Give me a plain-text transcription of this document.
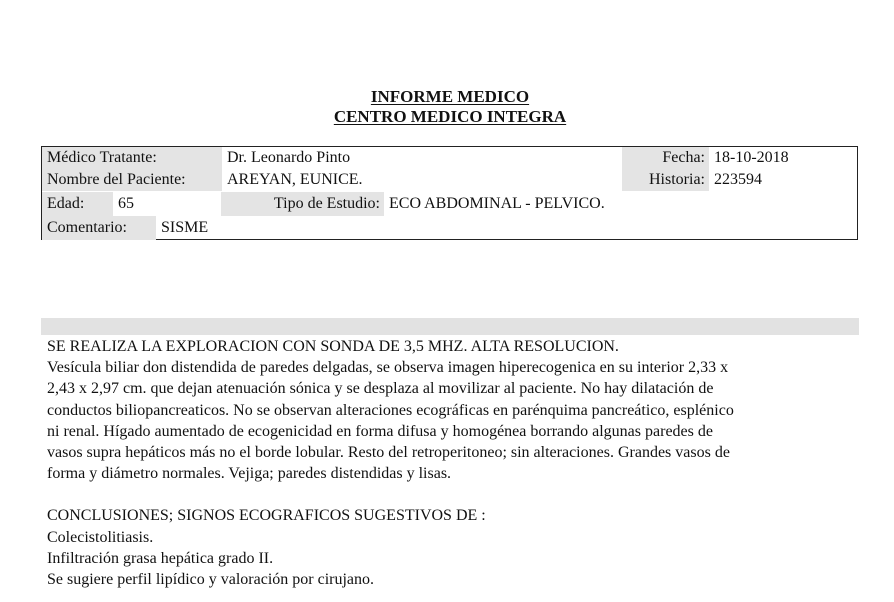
INFORME MEDICO
CENTRO MEDICO INTEGRA
Médico Tratante:	Dr. Leonardo Pinto	Fecha: 18-10-2018
Nombre del Paciente:	AREYAN, EUNICE.	Historia: 223594
Edad:	65	Tipo de Estudio: ECO ABDOMINAL - PELVICO.
Comentario:	SISME

SE REALIZA LA EXPLORACION CON SONDA DE 3,5 MHZ. ALTA RESOLUCION.

Vesícula biliar don distendida de paredes delgadas, se observa imagen hiperecogenica en su interior 2,33 x

2,43 x 2,97 cm. que dejan atenuación sónica y se desplaza al movilizar al paciente. No hay dilatación de

conductos biliopancreaticos. No se observan alteraciones ecográficas en parénquima pancreático, esplénico

ni renal. Hígado aumentado de ecogenicidad en forma difusa y homogénea borrando algunas paredes de

vasos supra hepáticos más no el borde lobular. Resto del retroperitoneo; sin alteraciones. Grandes vasos de

forma y diámetro normales. Vejiga; paredes distendidas y lisas.

CONCLUSIONES; SIGNOS ECOGRAFICOS SUGESTIVOS DE :

Colecistolitiasis.

Infiltración grasa hepática grado II.

Se sugiere perfil lipídico y valoración por cirujano.
